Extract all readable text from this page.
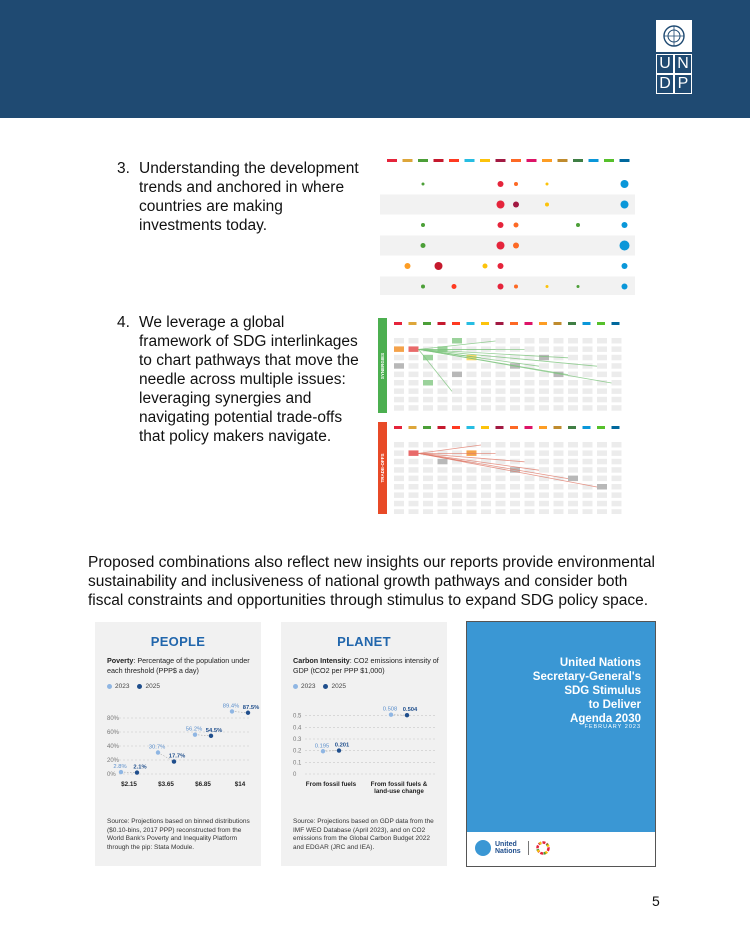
U N
D P
3. Understanding the development trends and anchored in where countries are making investments today.
4. We leverage a global framework of SDG interlinkages to chart pathways that move the needle across multiple issues: leveraging synergies and navigating potential trade-offs that policy makers navigate.
SYNERGIES
TRADE-OFFS

Proposed combinations also reflect new insights our reports provide environmental sustainability and inclusiveness of national growth pathways and consider both fiscal constraints and opportunities through stimulus to expand SDG policy space.

PEOPLE
Poverty: Percentage of the population under each threshold (PPP$ a day)
2023 2025
0%
20%
40%
60%
80%
$2.15	$3.65	$6.85	$14
2.8% 2.1%
30.7%
17.7%
56.2% 54.5%
89.4% 87.5%
Source: Projections based on binned distributions ($0.10-bins, 2017 PPP) reconstructed from the World Bank's Poverty and Inequality Platform through the pip: Stata Module.
PLANET
Carbon Intensity: CO2 emissions intensity of GDP (tCO2 per PPP $1,000)
2023 2025
0
0.1
0.2
0.3
0.4
0.5
From fossil fuels From fossil fuels &
land-use change
0.195 0.201
0.508 0.504
Source: Projections based on GDP data from the IMF WEO Database (April 2023), and on CO2 emissions from the Global Carbon Budget 2022 and EDGAR (JRC and IEA).
United Nations
Secretary-General's
SDG Stimulus
to Deliver
Agenda 2030
FEBRUARY 2023
United
Nations
5
